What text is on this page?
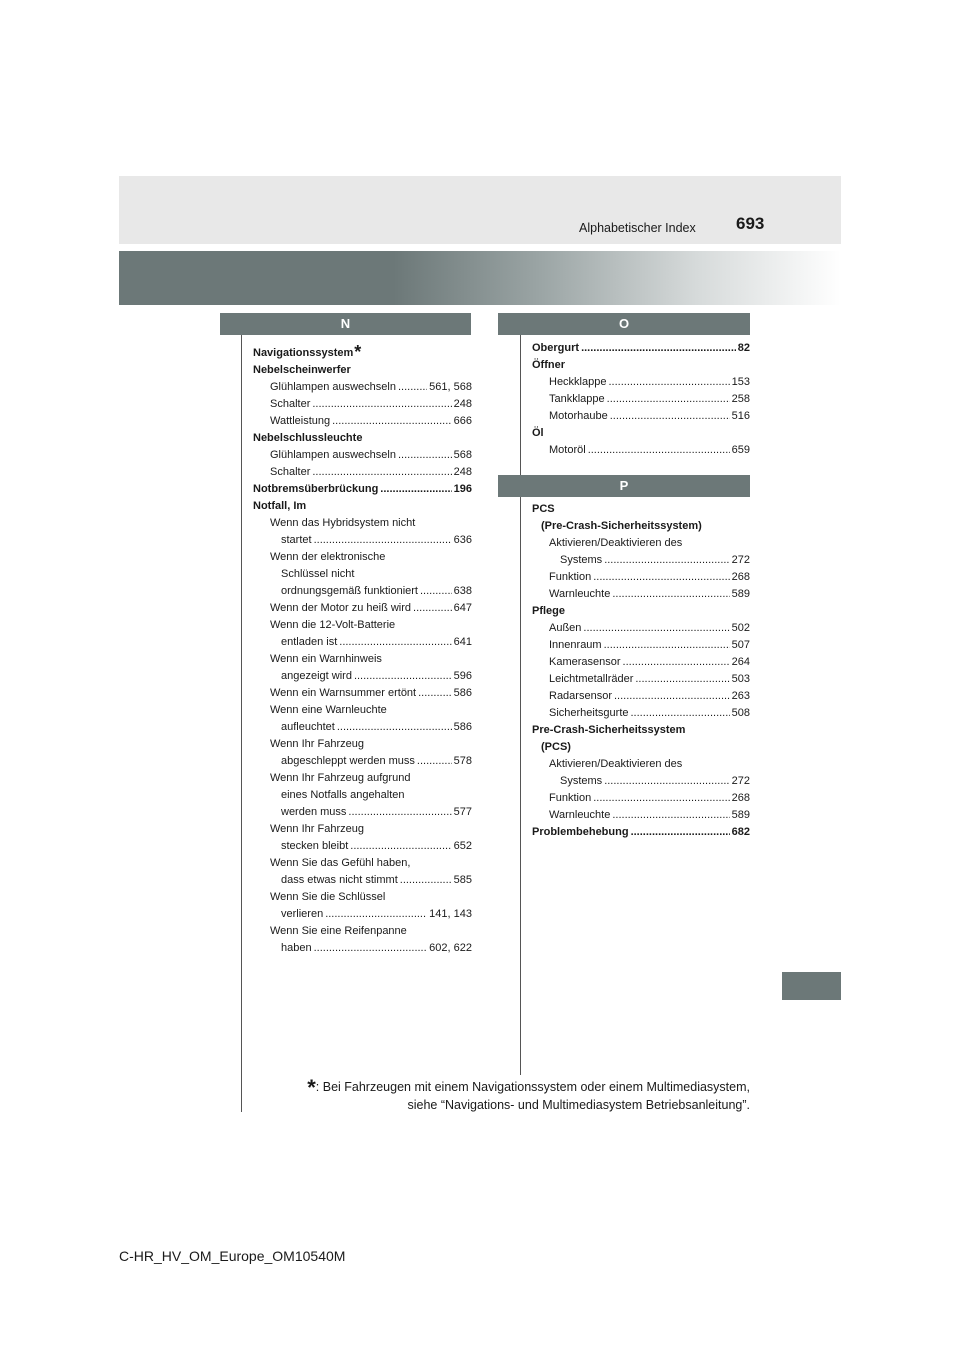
Alphabetischer Index 693
N	O
P
Navigationssystem*
Nebelscheinwerfer
Glühlampen auswechseln .....	561, 568
Schalter .....	248
Wattleistung .....	666
Nebelschlussleuchte
Glühlampen auswechseln .....	568
Schalter .....	248
Notbremsüberbrückung .....	196
Notfall, Im
Wenn das Hybridsystem nicht
startet .....	636
Wenn der elektronische
Schlüssel nicht
ordnungsgemäß funktioniert .....	638
Wenn der Motor zu heiß wird .....	647
Wenn die 12-Volt-Batterie
entladen ist .....	641
Wenn ein Warnhinweis
angezeigt wird .....	596
Wenn ein Warnsummer ertönt .....	586
Wenn eine Warnleuchte
aufleuchtet .....	586
Wenn Ihr Fahrzeug
abgeschleppt werden muss .....	578
Wenn Ihr Fahrzeug aufgrund
eines Notfalls angehalten
werden muss .....	577
Wenn Ihr Fahrzeug
stecken bleibt .....	652
Wenn Sie das Gefühl haben,
dass etwas nicht stimmt .....	585
Wenn Sie die Schlüssel
verlieren .....	141, 143
Wenn Sie eine Reifenpanne
haben .....	602, 622
Obergurt .....	82
Öffner
Heckklappe .....	153
Tankklappe .....	258
Motorhaube .....	516
Öl
Motoröl .....	659
PCS
(Pre-Crash-Sicherheitssystem)
Aktivieren/Deaktivieren des
Systems .....	272
Funktion .....	268
Warnleuchte .....	589
Pflege
Außen .....	502
Innenraum .....	507
Kamerasensor .....	264
Leichtmetallräder .....	503
Radarsensor .....	263
Sicherheitsgurte .....	508
Pre-Crash-Sicherheitssystem
(PCS)
Aktivieren/Deaktivieren des
Systems .....	272
Funktion .....	268
Warnleuchte .....	589
Problembehebung .....	682
*: Bei Fahrzeugen mit einem Navigationssystem oder einem Multimediasystem,
siehe “Navigations- und Multimediasystem Betriebsanleitung”.
C-HR_HV_OM_Europe_OM10540M
